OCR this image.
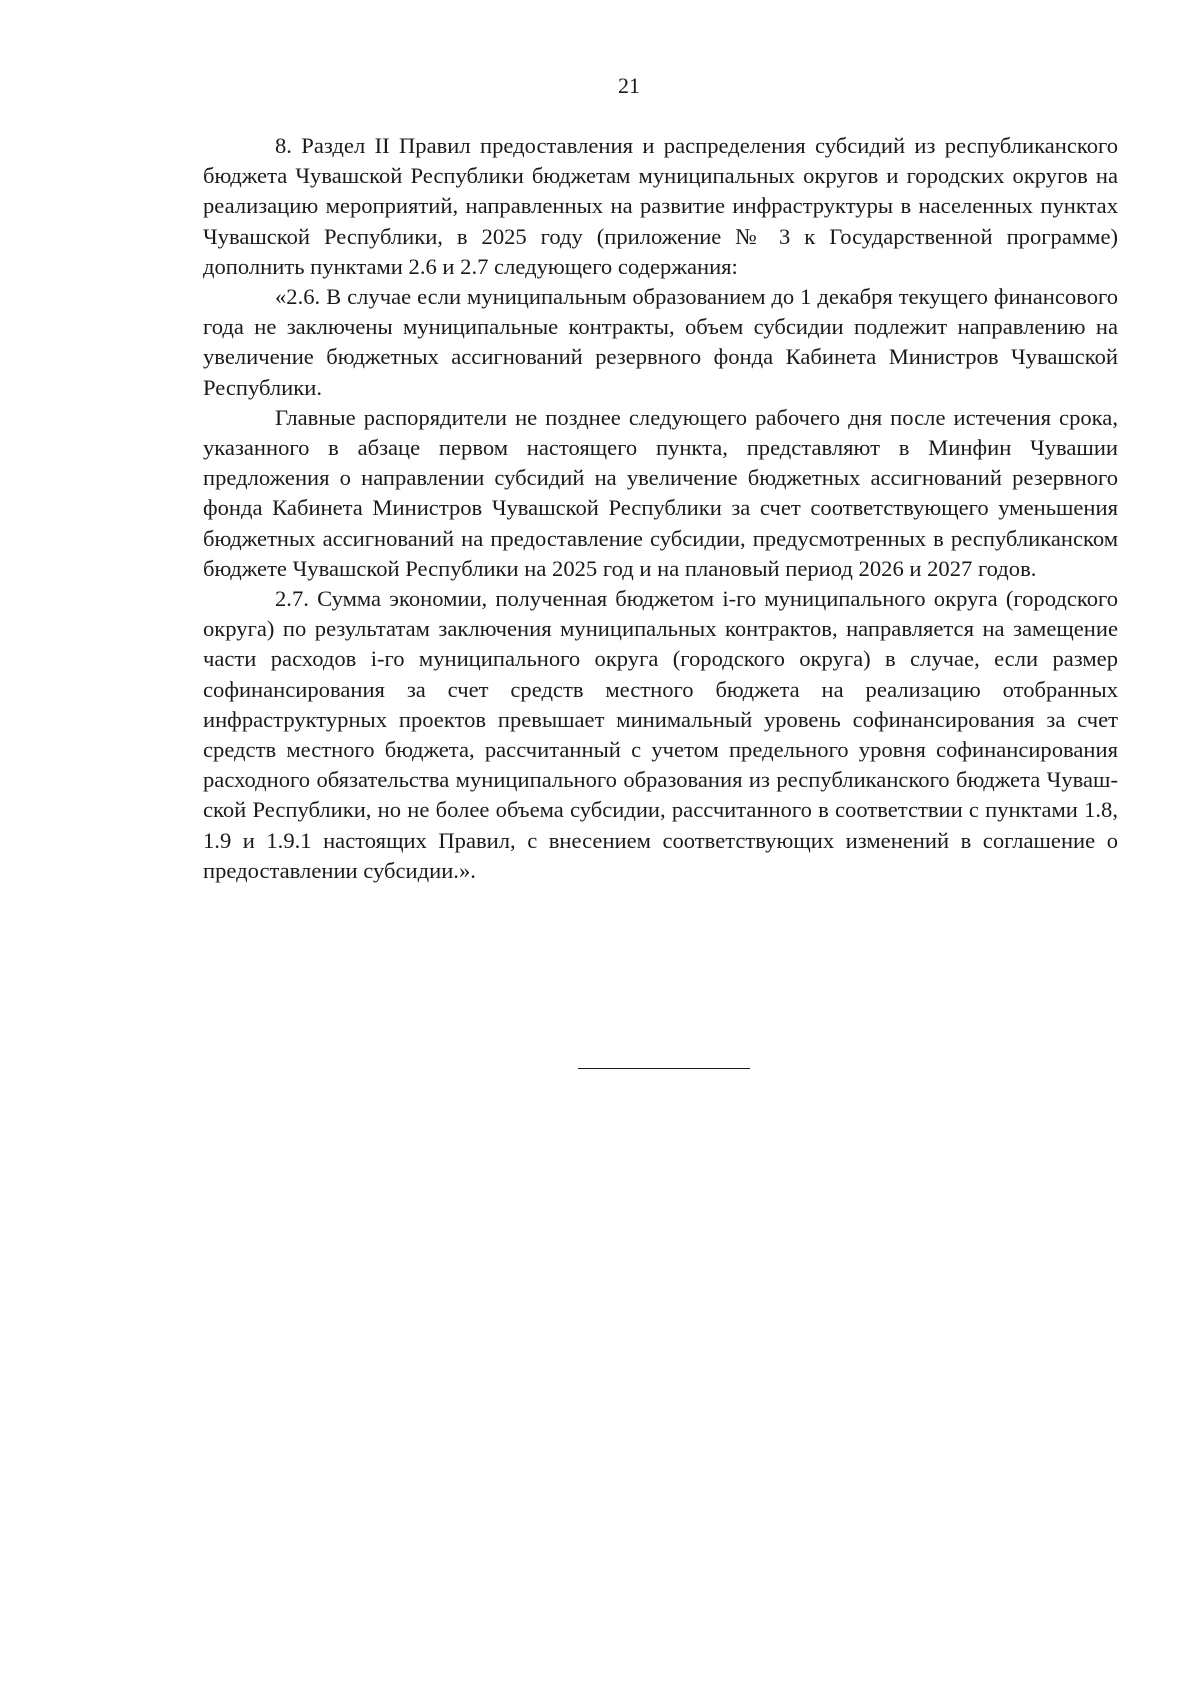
21

8. Раздел II Правил предоставления и распределения субсидий из республиканского бюджета Чувашской Республики бюджетам муниципальных округов и городских округов на реализацию мероприятий, направленных на развитие инфраструктуры в населенных пунктах Чувашской Республики, в 2025 году (приложение № 3 к Государственной программе) дополнить пунктами 2.6 и 2.7 следующего содержания:

«2.6. В случае если муниципальным образованием до 1 декабря текущего финансового года не заключены муниципальные контракты, объем субсидии подлежит направлению на увеличение бюджетных ассигнований резервного фонда Кабинета Министров Чувашской Республики.

Главные распорядители не позднее следующего рабочего дня после истечения срока, указанного в абзаце первом настоящего пункта, представляют в Минфин Чувашии предложения о направлении субсидий на увеличение бюджетных ассигнований резервного фонда Кабинета Министров Чувашской Республики за счет соответствующего уменьшения бюджетных ассигнований на предоставление субсидии, предусмотренных в республиканском бюджете Чувашской Республики на 2025 год и на плановый период 2026 и 2027 годов.

2.7. Сумма экономии, полученная бюджетом i-го муниципального округа (городского округа) по результатам заключения муниципальных контрактов, направляется на замещение части расходов i-го муниципального округа (городского округа) в случае, если размер софинансирования за счет средств местного бюджета на реализацию отобранных инфраструктурных проектов превышает минимальный уровень софинансирования за счет средств местного бюджета, рассчитанный с учетом предельного уровня софинансирования расходного обязательства муниципального образования из республиканского бюджета Чувашской Республики, но не более объема субсидии, рассчитанного в соответствии с пунктами 1.8, 1.9 и 1.9.1 настоящих Правил, с внесением соответствующих изменений в соглашение о предоставлении субсидии.».
